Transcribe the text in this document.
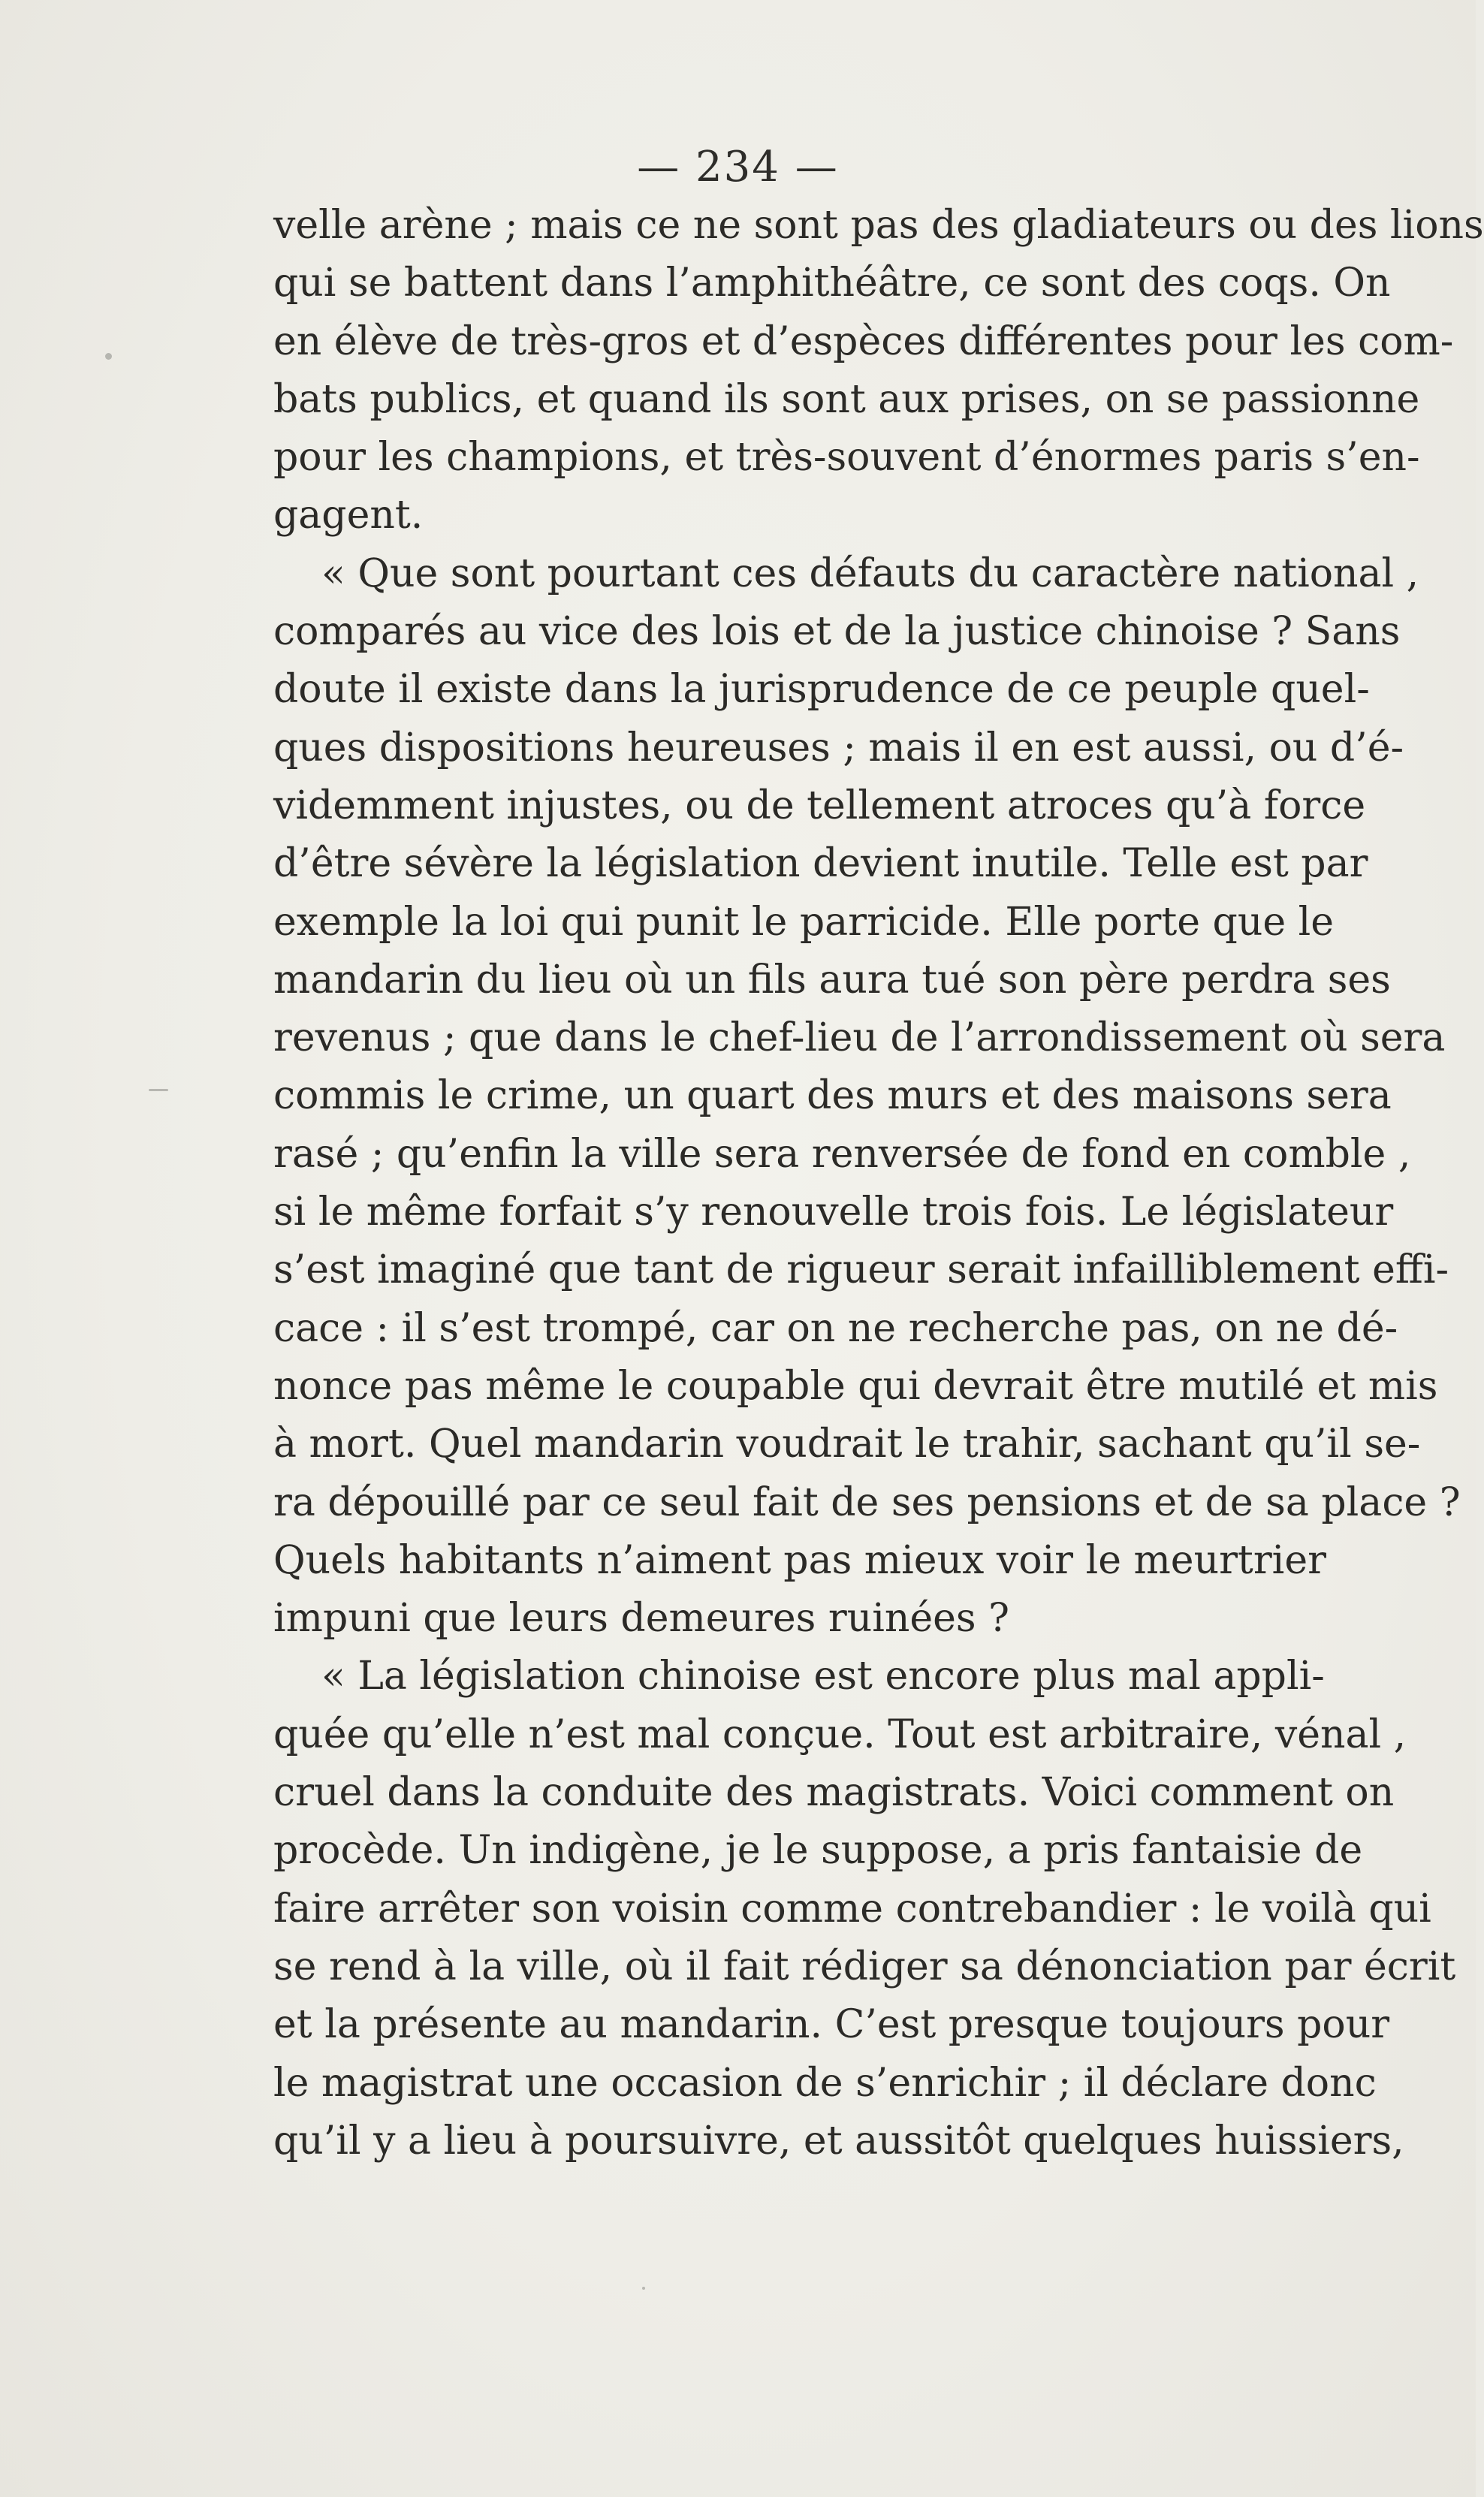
— 234 —
velle arène ; mais ce ne sont pas des gladiateurs ou des lions
qui se battent dans l’amphithéâtre, ce sont des coqs. On
en élève de très-gros et d’espèces différentes pour les com-
bats publics, et quand ils sont aux prises, on se passionne
pour les champions, et très-souvent d’énormes paris s’en-
gagent.
« Que sont pourtant ces défauts du caractère national ,
comparés au vice des lois et de la justice chinoise ? Sans
doute il existe dans la jurisprudence de ce peuple quel-
ques dispositions heureuses ; mais il en est aussi, ou d’é-
videmment injustes, ou de tellement atroces qu’à force
d’être sévère la législation devient inutile. Telle est par
exemple la loi qui punit le parricide. Elle porte que le
mandarin du lieu où un fils aura tué son père perdra ses
revenus ; que dans le chef-lieu de l’arrondissement où sera
commis le crime, un quart des murs et des maisons sera
rasé ; qu’enfin la ville sera renversée de fond en comble ,
si le même forfait s’y renouvelle trois fois. Le législateur
s’est imaginé que tant de rigueur serait infailliblement effi-
cace : il s’est trompé, car on ne recherche pas, on ne dé-
nonce pas même le coupable qui devrait être mutilé et mis
à mort. Quel mandarin voudrait le trahir, sachant qu’il se-
ra dépouillé par ce seul fait de ses pensions et de sa place ?
Quels habitants n’aiment pas mieux voir le meurtrier
impuni que leurs demeures ruinées ?
« La législation chinoise est encore plus mal appli-
quée qu’elle n’est mal conçue. Tout est arbitraire, vénal ,
cruel dans la conduite des magistrats. Voici comment on
procède. Un indigène, je le suppose, a pris fantaisie de
faire arrêter son voisin comme contrebandier : le voilà qui
se rend à la ville, où il fait rédiger sa dénonciation par écrit
et la présente au mandarin. C’est presque toujours pour
le magistrat une occasion de s’enrichir ; il déclare donc
qu’il y a lieu à poursuivre, et aussitôt quelques huissiers,
